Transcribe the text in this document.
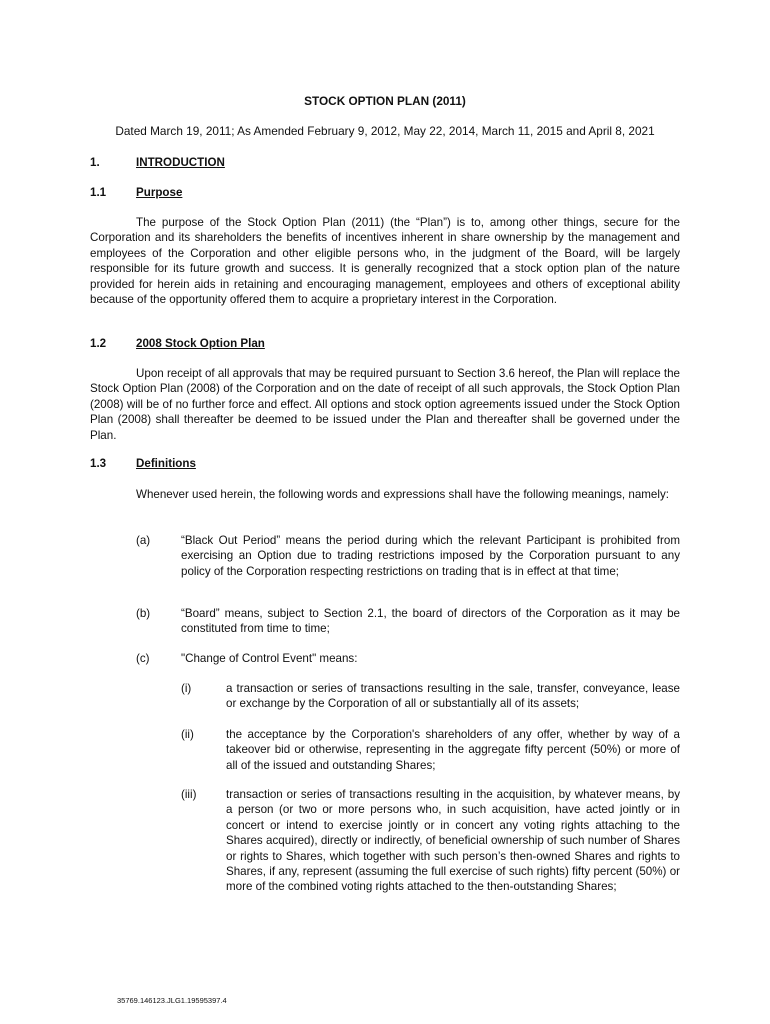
STOCK OPTION PLAN (2011)
Dated March 19, 2011; As Amended February 9, 2012, May 22, 2014, March 11, 2015 and April 8, 2021
1.	INTRODUCTION
1.1	Purpose
The purpose of the Stock Option Plan (2011) (the “Plan”) is to, among other things, secure for the Corporation and its shareholders the benefits of incentives inherent in share ownership by the management and employees of the Corporation and other eligible persons who, in the judgment of the Board, will be largely responsible for its future growth and success. It is generally recognized that a stock option plan of the nature provided for herein aids in retaining and encouraging management, employees and others of exceptional ability because of the opportunity offered them to acquire a proprietary interest in the Corporation.
1.2	2008 Stock Option Plan
Upon receipt of all approvals that may be required pursuant to Section 3.6 hereof, the Plan will replace the Stock Option Plan (2008) of the Corporation and on the date of receipt of all such approvals, the Stock Option Plan (2008) will be of no further force and effect. All options and stock option agreements issued under the Stock Option Plan (2008) shall thereafter be deemed to be issued under the Plan and thereafter shall be governed under the Plan.
1.3	Definitions
Whenever used herein, the following words and expressions shall have the following meanings, namely:
(a)	“Black Out Period” means the period during which the relevant Participant is prohibited from exercising an Option due to trading restrictions imposed by the Corporation pursuant to any policy of the Corporation respecting restrictions on trading that is in effect at that time;
(b)	“Board” means, subject to Section 2.1, the board of directors of the Corporation as it may be constituted from time to time;
(c)	"Change of Control Event" means:
(i)	a transaction or series of transactions resulting in the sale, transfer, conveyance, lease or exchange by the Corporation of all or substantially all of its assets;
(ii)	the acceptance by the Corporation's shareholders of any offer, whether by way of a takeover bid or otherwise, representing in the aggregate fifty percent (50%) or more of all of the issued and outstanding Shares;
(iii)	transaction or series of transactions resulting in the acquisition, by whatever means, by a person (or two or more persons who, in such acquisition, have acted jointly or in concert or intend to exercise jointly or in concert any voting rights attaching to the Shares acquired), directly or indirectly, of beneficial ownership of such number of Shares or rights to Shares, which together with such person’s then-owned Shares and rights to Shares, if any, represent (assuming the full exercise of such rights) fifty percent (50%) or more of the combined voting rights attached to the then-outstanding Shares;
35769.146123.JLG1.19595397.4
